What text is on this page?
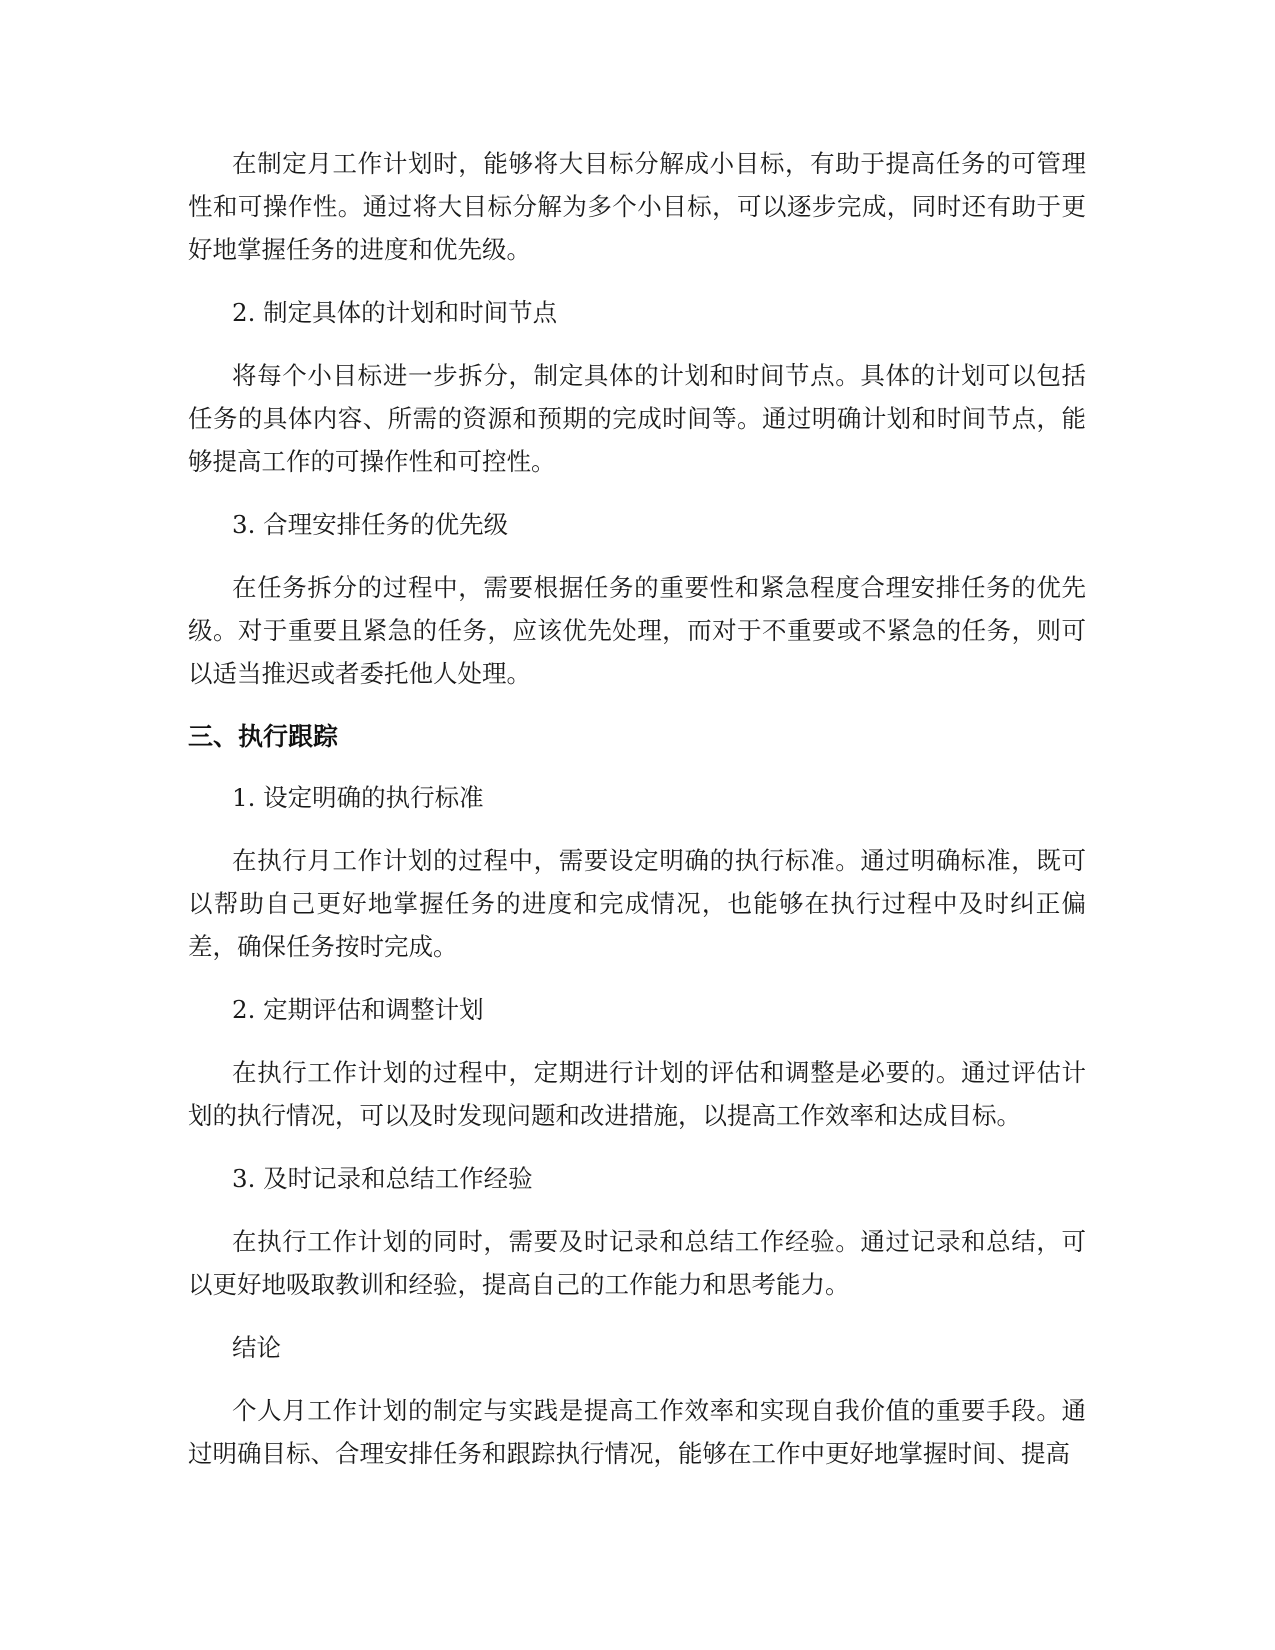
在制定月工作计划时，能够将大目标分解成小目标，有助于提高任务的可管理性和可操作性。通过将大目标分解为多个小目标，可以逐步完成，同时还有助于更好地掌握任务的进度和优先级。

2. 制定具体的计划和时间节点

将每个小目标进一步拆分，制定具体的计划和时间节点。具体的计划可以包括任务的具体内容、所需的资源和预期的完成时间等。通过明确计划和时间节点，能够提高工作的可操作性和可控性。

3. 合理安排任务的优先级

在任务拆分的过程中，需要根据任务的重要性和紧急程度合理安排任务的优先级。对于重要且紧急的任务，应该优先处理，而对于不重要或不紧急的任务，则可以适当推迟或者委托他人处理。

三、执行跟踪

1. 设定明确的执行标准

在执行月工作计划的过程中，需要设定明确的执行标准。通过明确标准，既可以帮助自己更好地掌握任务的进度和完成情况，也能够在执行过程中及时纠正偏差，确保任务按时完成。

2. 定期评估和调整计划

在执行工作计划的过程中，定期进行计划的评估和调整是必要的。通过评估计划的执行情况，可以及时发现问题和改进措施，以提高工作效率和达成目标。

3. 及时记录和总结工作经验

在执行工作计划的同时，需要及时记录和总结工作经验。通过记录和总结，可以更好地吸取教训和经验，提高自己的工作能力和思考能力。

结论

个人月工作计划的制定与实践是提高工作效率和实现自我价值的重要手段。通过明确目标、合理安排任务和跟踪执行情况，能够在工作中更好地掌握时间、提高
